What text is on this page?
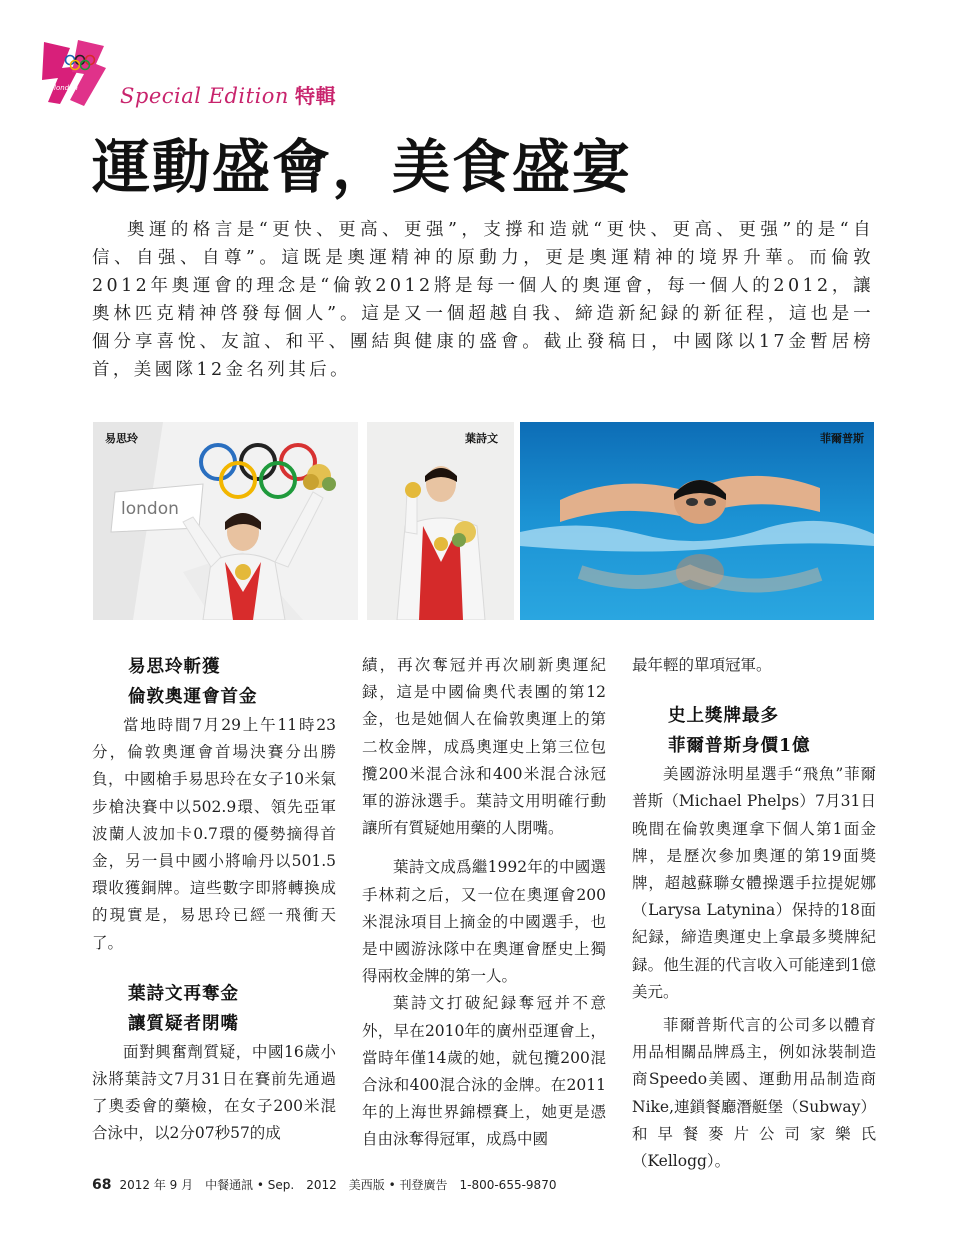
london Special Edition 特輯
運動盛會，美食盛宴

奧運的格言是“更快、更高、更强”，支撐和造就“更快、更高、更强”的是“自信、自强、自尊”。這既是奧運精神的原動力，更是奧運精神的境界升華。而倫敦2012年奧運會的理念是“倫敦2012將是每一個人的奧運會，每一個人的2012，讓奧林匹克精神啓發每個人”。這是又一個超越自我、締造新紀録的新征程，這也是一個分享喜悅、友誼、和平、團結與健康的盛會。截止發稿日，中國隊以17金暫居榜首，美國隊12金名列其后。

london
易思玲	葉詩文	菲爾普斯
易思玲斬獲
倫敦奧運會首金

當地時間7月29上午11時23分，倫敦奧運會首場決賽分出勝負，中國槍手易思玲在女子10米氣步槍決賽中以502.9環、領先亞軍波蘭人波加卡0.7環的優勢摘得首金，另一員中國小將喻丹以501.5環收獲銅牌。這些數字即將轉換成的現實是，易思玲已經一飛衝天了。

葉詩文再奪金
讓質疑者閉嘴

面對興奮劑質疑，中國16歲小泳將葉詩文7月31日在賽前先通過了奧委會的藥檢，在女子200米混合泳中，以2分07秒57的成

績，再次奪冠并再次刷新奧運紀録，這是中國倫奧代表團的第12金，也是她個人在倫敦奧運上的第二枚金牌，成爲奧運史上第三位包攬200米混合泳和400米混合泳冠軍的游泳選手。葉詩文用明確行動讓所有質疑她用藥的人閉嘴。

葉詩文成爲繼1992年的中國選手林莉之后，又一位在奧運會200米混泳項目上摘金的中國選手，也是中國游泳隊中在奧運會歷史上獨得兩枚金牌的第一人。

葉詩文打破紀録奪冠并不意外，早在2010年的廣州亞運會上，當時年僅14歲的她，就包攬200混合泳和400混合泳的金牌。在2011年的上海世界錦標賽上，她更是憑自由泳奪得冠軍，成爲中國

最年輕的單項冠軍。

史上獎牌最多
菲爾普斯身價1億

美國游泳明星選手“飛魚”菲爾普斯（Michael Phelps）7月31日晚間在倫敦奧運拿下個人第1面金牌，是歷次參加奧運的第19面獎牌，超越蘇聯女體操選手拉提妮娜（Larysa Latynina）保持的18面紀録，締造奧運史上拿最多獎牌紀録。他生涯的代言收入可能達到1億美元。

菲爾普斯代言的公司多以體育用品相關品牌爲主，例如泳裝制造商Speedo美國、運動用品制造商Nike,連鎖餐廳潛艇堡（Subway）和早餐麥片公司家樂氏（Kellogg）。

68 2012 年 9 月　中餐通訊 • Sep.　2012　美西版 • 刊登廣告　1-800-655-9870
